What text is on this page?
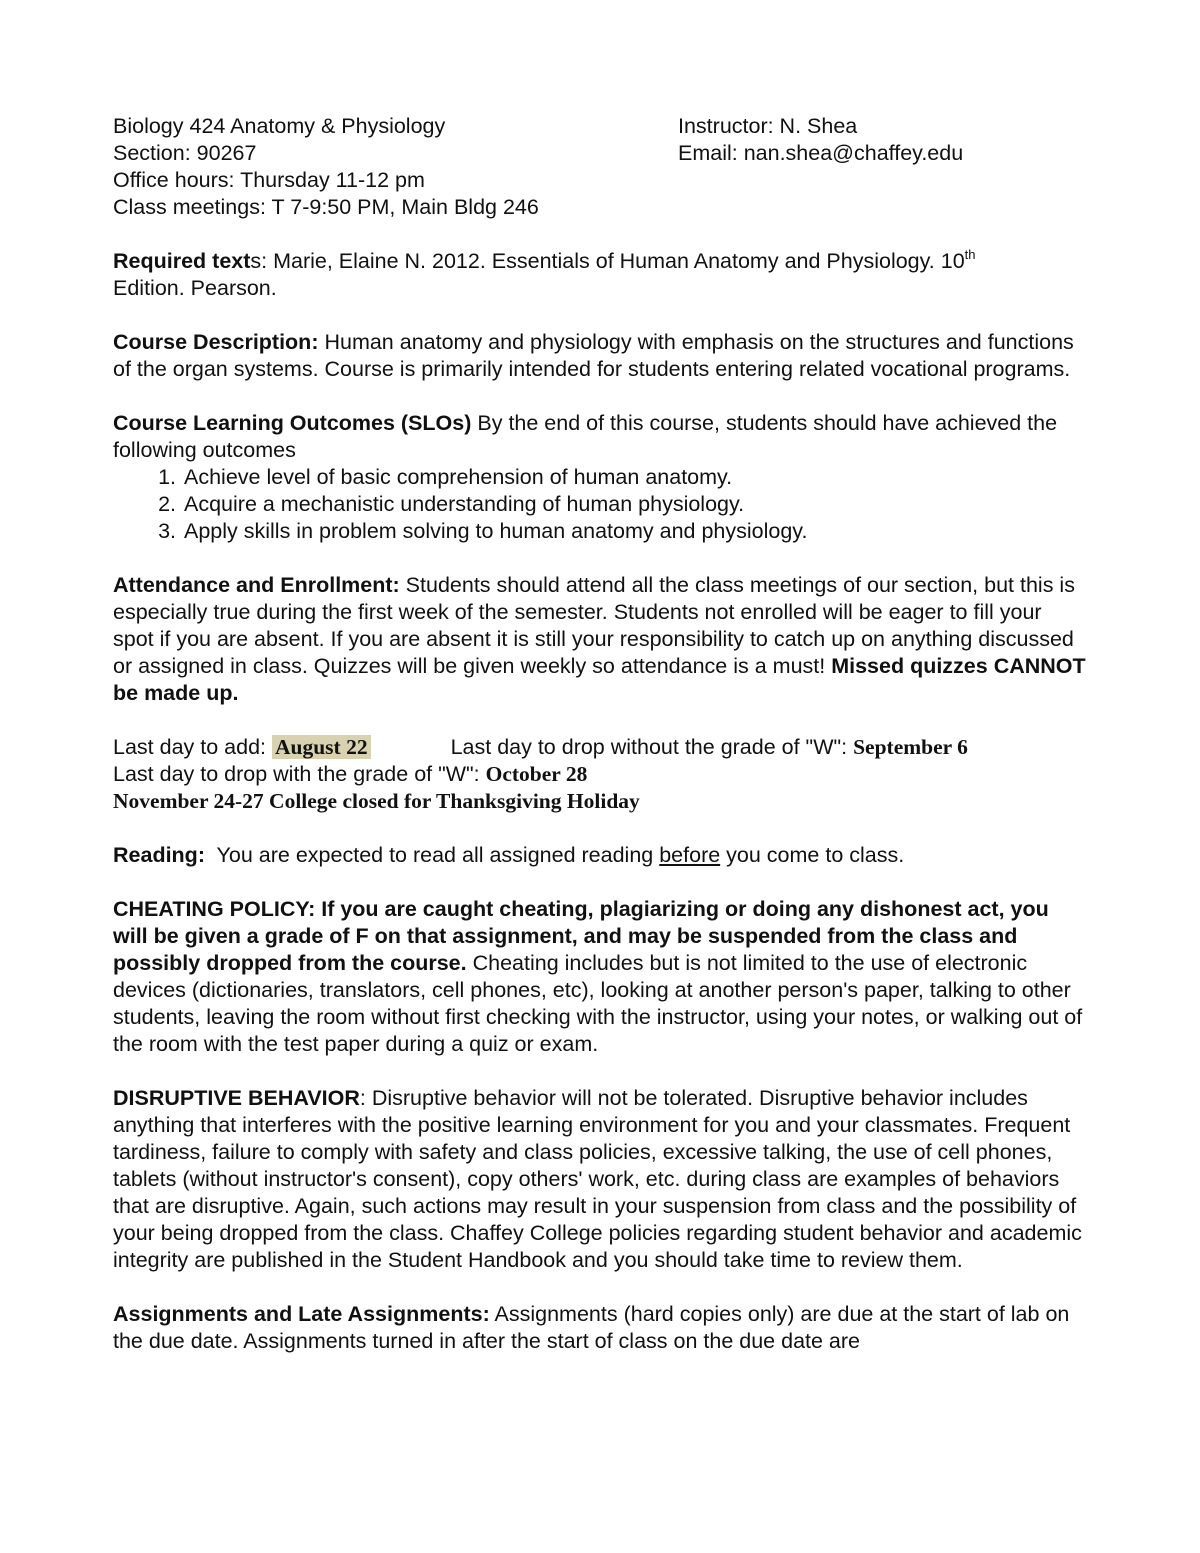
Biology 424 Anatomy & Physiology	Instructor: N. Shea
Section: 90267	Email: nan.shea@chaffey.edu
Office hours: Thursday 11-12 pm
Class meetings: T 7-9:50 PM, Main Bldg 246

Required texts: Marie, Elaine N. 2012. Essentials of Human Anatomy and Physiology. 10th
Edition. Pearson.

Course Description: Human anatomy and physiology with emphasis on the structures and functions of the organ systems. Course is primarily intended for students entering related vocational programs.

Course Learning Outcomes (SLOs) By the end of this course, students should have achieved the following outcomes

1. Achieve level of basic comprehension of human anatomy.
2. Acquire a mechanistic understanding of human physiology.
3. Apply skills in problem solving to human anatomy and physiology.

Attendance and Enrollment: Students should attend all the class meetings of our section, but this is especially true during the first week of the semester. Students not enrolled will be eager to fill your spot if you are absent. If you are absent it is still your responsibility to catch up on anything discussed or assigned in class. Quizzes will be given weekly so attendance is a must! Missed quizzes CANNOT be made up.

Last day to add: August 22	Last day to drop without the grade of "W": September 6
Last day to drop with the grade of "W": October 28
November 24-27 College closed for Thanksgiving Holiday

Reading:  You are expected to read all assigned reading before you come to class.

CHEATING POLICY: If you are caught cheating, plagiarizing or doing any dishonest act, you will be given a grade of F on that assignment, and may be suspended from the class and possibly dropped from the course. Cheating includes but is not limited to the use of electronic devices (dictionaries, translators, cell phones, etc), looking at another person's paper, talking to other students, leaving the room without first checking with the instructor, using your notes, or walking out of the room with the test paper during a quiz or exam.

DISRUPTIVE BEHAVIOR: Disruptive behavior will not be tolerated. Disruptive behavior includes anything that interferes with the positive learning environment for you and your classmates. Frequent tardiness, failure to comply with safety and class policies, excessive talking, the use of cell phones, tablets (without instructor's consent), copy others' work, etc. during class are examples of behaviors that are disruptive. Again, such actions may result in your suspension from class and the possibility of your being dropped from the class. Chaffey College policies regarding student behavior and academic integrity are published in the Student Handbook and you should take time to review them.

Assignments and Late Assignments: Assignments (hard copies only) are due at the start of lab on the due date. Assignments turned in after the start of class on the due date are
